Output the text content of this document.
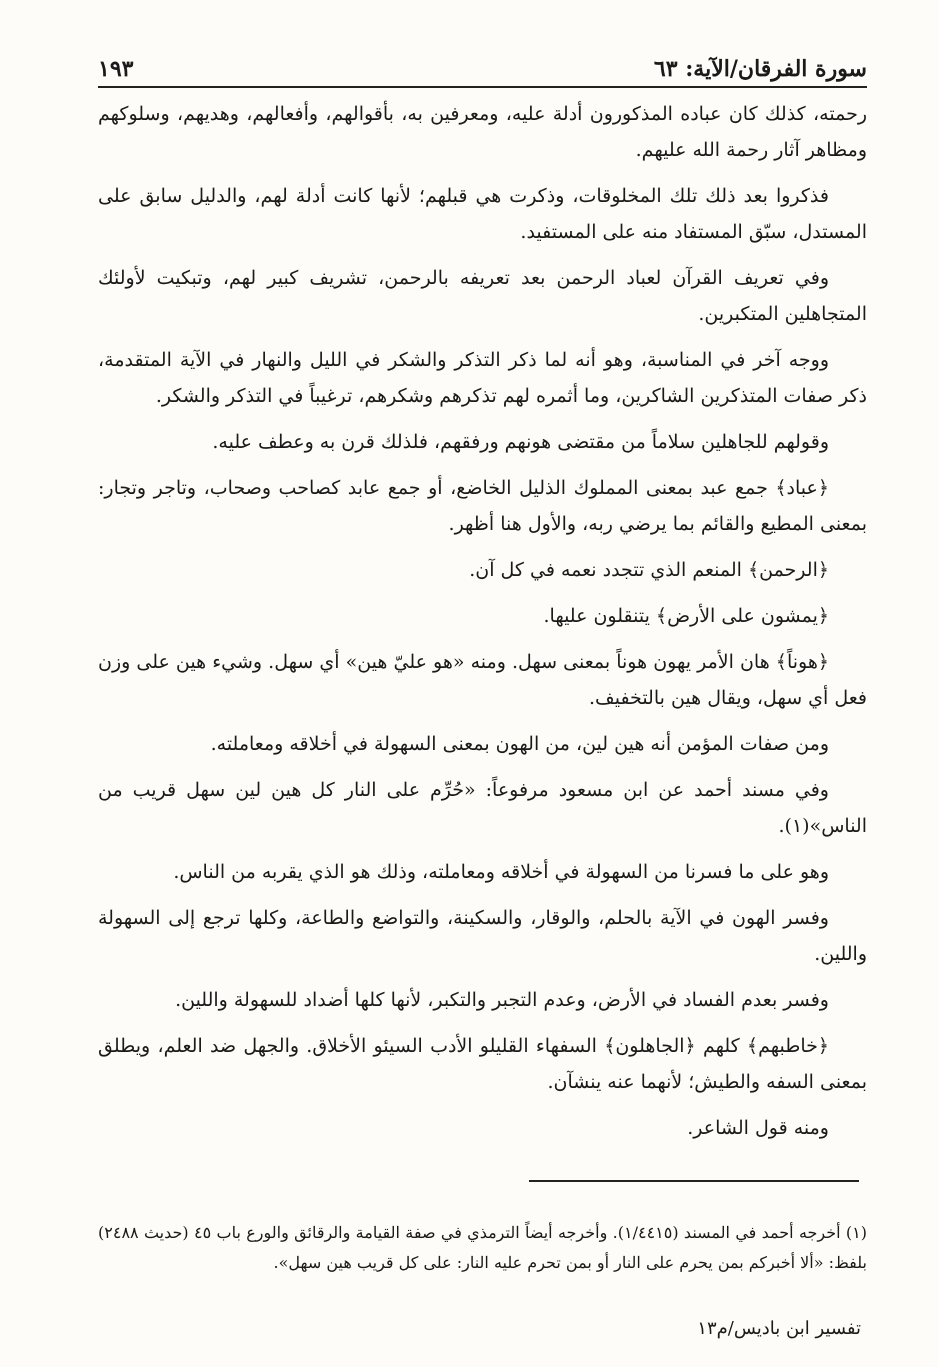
سورة الفرقان/الآية: ٦٣
١٩٣

رحمته، كذلك كان عباده المذكورون أدلة عليه، ومعرفين به، بأقوالهم، وأفعالهم، وهديهم، وسلوكهم ومظاهر آثار رحمة الله عليهم.

فذكروا بعد ذلك تلك المخلوقات، وذكرت هي قبلهم؛ لأنها كانت أدلة لهم، والدليل سابق على المستدل، سبّق المستفاد منه على المستفيد.

وفي تعريف القرآن لعباد الرحمن بعد تعريفه بالرحمن، تشريف كبير لهم، وتبكيت لأولئك المتجاهلين المتكبرين.

ووجه آخر في المناسبة، وهو أنه لما ذكر التذكر والشكر في الليل والنهار في الآية المتقدمة، ذكر صفات المتذكرين الشاكرين، وما أثمره لهم تذكرهم وشكرهم، ترغيباً في التذكر والشكر.

وقولهم للجاهلين سلاماً من مقتضى هونهم ورفقهم، فلذلك قرن به وعطف عليه.

﴿عباد﴾ جمع عبد بمعنى المملوك الذليل الخاضع، أو جمع عابد كصاحب وصحاب، وتاجر وتجار: بمعنى المطيع والقائم بما يرضي ربه، والأول هنا أظهر.

﴿الرحمن﴾ المنعم الذي تتجدد نعمه في كل آن.

﴿يمشون على الأرض﴾ يتنقلون عليها.

﴿هوناً﴾ هان الأمر يهون هوناً بمعنى سهل. ومنه «هو عليّ هين» أي سهل. وشيء هين على وزن فعل أي سهل، ويقال هين بالتخفيف.

ومن صفات المؤمن أنه هين لين، من الهون بمعنى السهولة في أخلاقه ومعاملته.

وفي مسند أحمد عن ابن مسعود مرفوعاً: «حُرِّم على النار كل هين لين سهل قريب من الناس»(١).

وهو على ما فسرنا من السهولة في أخلاقه ومعاملته، وذلك هو الذي يقربه من الناس.

وفسر الهون في الآية بالحلم، والوقار، والسكينة، والتواضع والطاعة، وكلها ترجع إلى السهولة واللين.

وفسر بعدم الفساد في الأرض، وعدم التجبر والتكبر، لأنها كلها أضداد للسهولة واللين.

﴿خاطبهم﴾ كلهم ﴿الجاهلون﴾ السفهاء القليلو الأدب السيئو الأخلاق. والجهل ضد العلم، ويطلق بمعنى السفه والطيش؛ لأنهما عنه ينشآن.

ومنه قول الشاعر.

(١) أخرجه أحمد في المسند (١/٤٤١٥). وأخرجه أيضاً الترمذي في صفة القيامة والرقائق والورع باب ٤٥ (حديث ٢٤٨٨) بلفظ: «ألا أخبركم بمن يحرم على النار أو بمن تحرم عليه النار: على كل قريب هين سهل».
تفسير ابن باديس/م١٣
